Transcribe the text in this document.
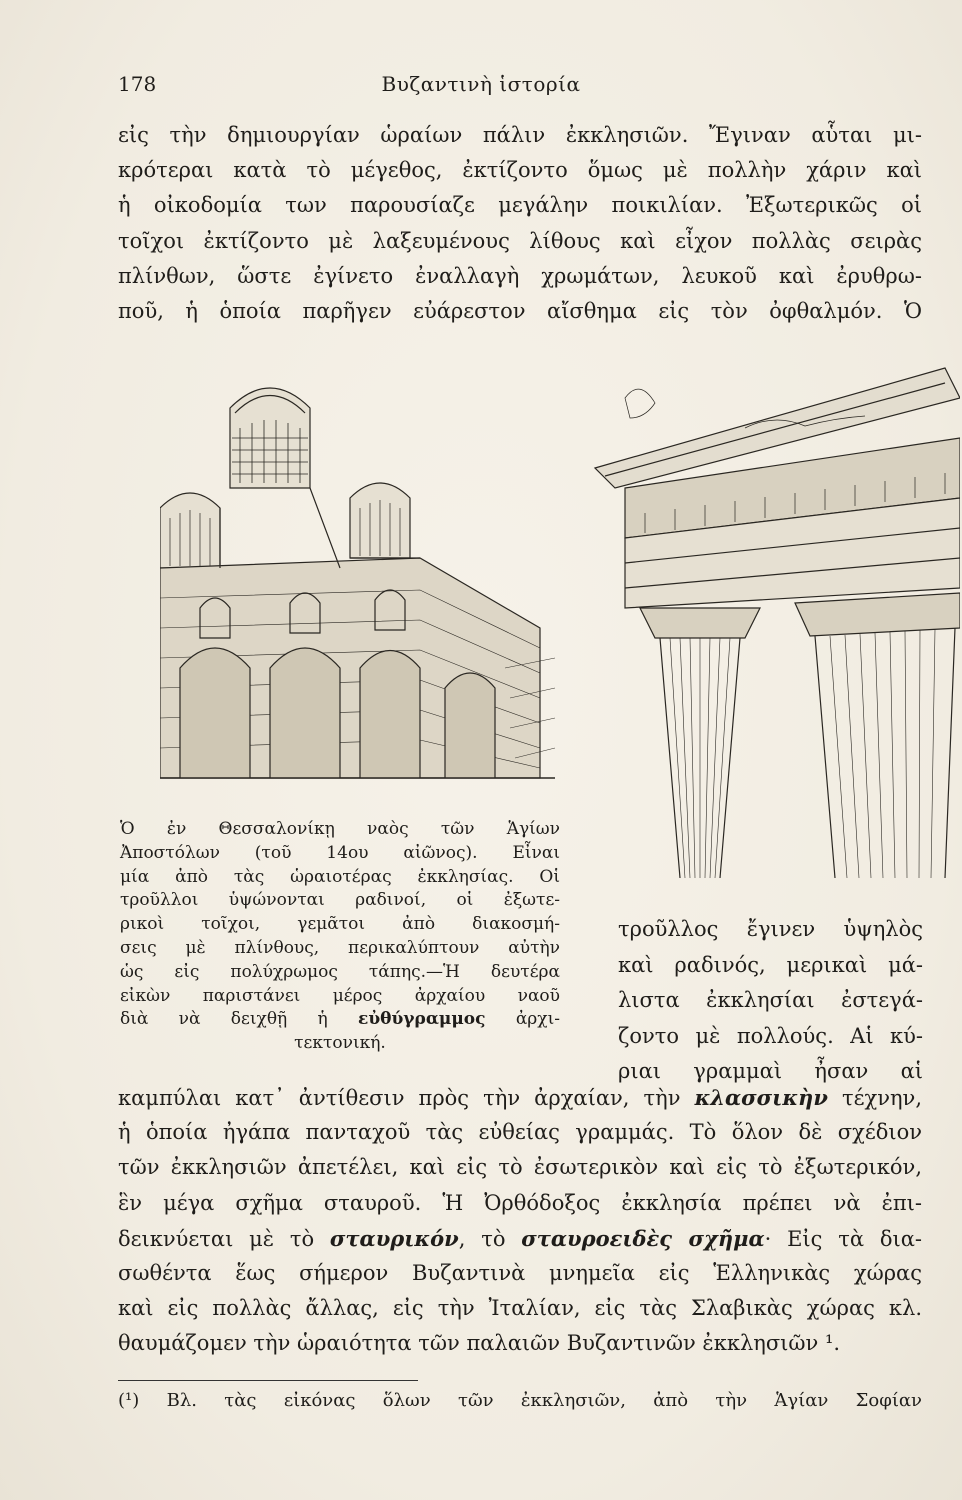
178	Βυζαντινὴ ἱστορία
εἰς τὴν δημιουργίαν ὡραίων πάλιν ἐκκλησιῶν. Ἔγιναν αὗται μι-
κρότεραι κατὰ τὸ μέγεθος, ἐκτίζοντο ὅμως μὲ πολλὴν χάριν καὶ
ἡ οἰκοδομία των παρουσίαζε μεγάλην ποικιλίαν. Ἐξωτερικῶς οἱ
τοῖχοι ἐκτίζοντο μὲ λαξευμένους λίθους καὶ εἶχον πολλὰς σειρὰς
πλίνθων, ὥστε ἐγίνετο ἐναλλαγὴ χρωμάτων, λευκοῦ καὶ ἐρυθρω-
ποῦ, ἡ ὁποία παρῆγεν εὐάρεστον αἴσθημα εἰς τὸν ὀφθαλμόν. Ὁ
Ὁ ἐν Θεσσαλονίκῃ ναὸς τῶν Ἁγίων
Ἀποστόλων (τοῦ 14ου αἰῶνος). Εἶναι
μία ἀπὸ τὰς ὡραιοτέρας ἐκκλησίας. Οἱ
τροῦλλοι ὑψώνονται ραδινοί, οἱ ἐξωτε-
ρικοὶ τοῖχοι, γεμᾶτοι ἀπὸ διακοσμή-
σεις μὲ πλίνθους, περικαλύπτουν αὐτὴν
ὡς εἰς πολύχρωμος τάπης.—Ἡ δευτέρα
εἰκὼν παριστάνει μέρος ἀρχαίου ναοῦ
διὰ νὰ δειχθῇ ἡ εὐθύγραμμος ἀρχι-
τεκτονική.
τροῦλλος ἔγινεν ὑψηλὸς
καὶ ραδινός, μερικαὶ μά-
λιστα ἐκκλησίαι ἐστεγά-
ζοντο μὲ πολλούς. Αἱ κύ-
ριαι γραμμαὶ ἦσαν αἱ
καμπύλαι κατ᾽ ἀντίθεσιν πρὸς τὴν ἀρχαίαν, τὴν κλασσικὴν τέχνην,
ἡ ὁποία ἠγάπα πανταχοῦ τὰς εὐθείας γραμμάς. Τὸ ὅλον δὲ σχέδιον
τῶν ἐκκλησιῶν ἀπετέλει, καὶ εἰς τὸ ἐσωτερικὸν καὶ εἰς τὸ ἐξωτερικόν,
ἓν μέγα σχῆμα σταυροῦ. Ἡ Ὀρθόδοξος ἐκκλησία πρέπει νὰ ἐπι-
δεικνύεται μὲ τὸ σταυρικόν, τὸ σταυροειδὲς σχῆμα· Εἰς τὰ δια-
σωθέντα ἕως σήμερον Βυζαντινὰ μνημεῖα εἰς Ἑλληνικὰς χώρας
καὶ εἰς πολλὰς ἄλλας, εἰς τὴν Ἰταλίαν, εἰς τὰς Σλαβικὰς χώρας κλ.
θαυμάζομεν τὴν ὡραιότητα τῶν παλαιῶν Βυζαντινῶν ἐκκλησιῶν ¹.
(¹) Βλ. τὰς εἰκόνας ὅλων τῶν ἐκκλησιῶν, ἀπὸ τὴν Ἁγίαν Σοφίαν
